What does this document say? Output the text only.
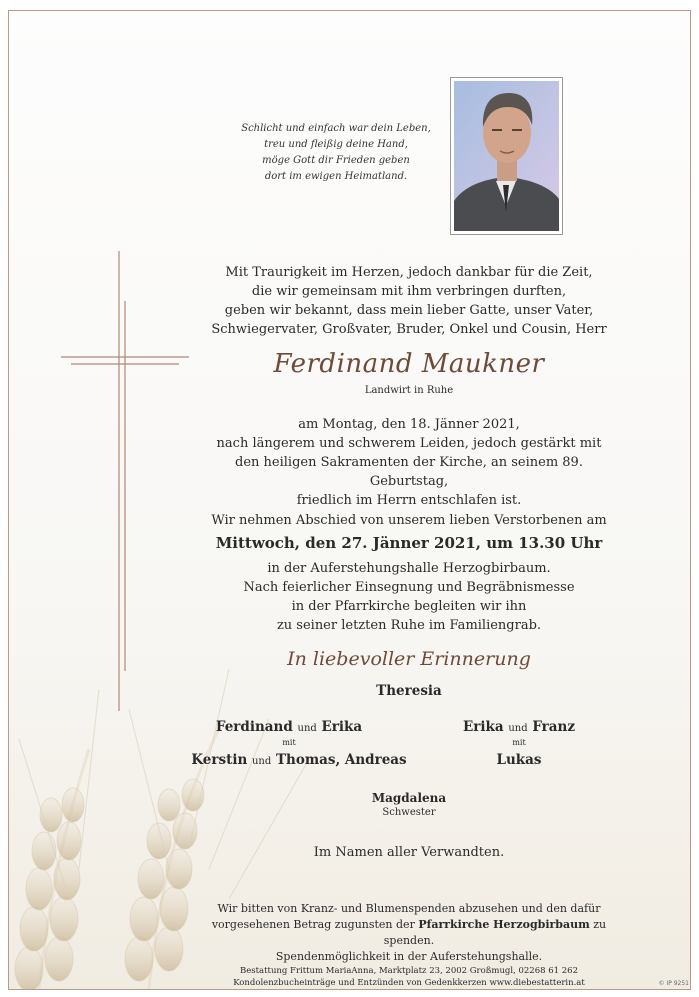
Schlicht und einfach war dein Leben,
treu und fleißig deine Hand,
möge Gott dir Frieden geben
dort im ewigen Heimatland.
Mit Traurigkeit im Herzen, jedoch dankbar für die Zeit,
die wir gemeinsam mit ihm verbringen durften,
geben wir bekannt, dass mein lieber Gatte, unser Vater,
Schwiegervater, Großvater, Bruder, Onkel und Cousin, Herr
Ferdinand Maukner
Landwirt in Ruhe
am Montag, den 18. Jänner 2021,
nach längerem und schwerem Leiden, jedoch gestärkt mit
den heiligen Sakramenten der Kirche, an seinem 89. Geburtstag,
friedlich im Herrn entschlafen ist.
Wir nehmen Abschied von unserem lieben Verstorbenen am
Mittwoch, den 27. Jänner 2021, um 13.30 Uhr
in der Auferstehungshalle Herzogbirbaum.
Nach feierlicher Einsegnung und Begräbnismesse
in der Pfarrkirche begleiten wir ihn
zu seiner letzten Ruhe im Familiengrab.
In liebevoller Erinnerung
Theresia
Ferdinand und Erika
mit
Kerstin und Thomas, Andreas
Erika und Franz
mit
Lukas
Magdalena
Schwester
Im Namen aller Verwandten.
Wir bitten von Kranz- und Blumenspenden abzusehen und den dafür
vorgesehenen Betrag zugunsten der Pfarrkirche Herzogbirbaum zu spenden.
Spendenmöglichkeit in der Auferstehungshalle.
Bestattung Frittum MariaAnna, Marktplatz 23, 2002 Großmugl, 02268 61 262
Kondolenzbucheinträge und Entzünden von Gedenkkerzen www.diebestatterin.at	© IP 9251
